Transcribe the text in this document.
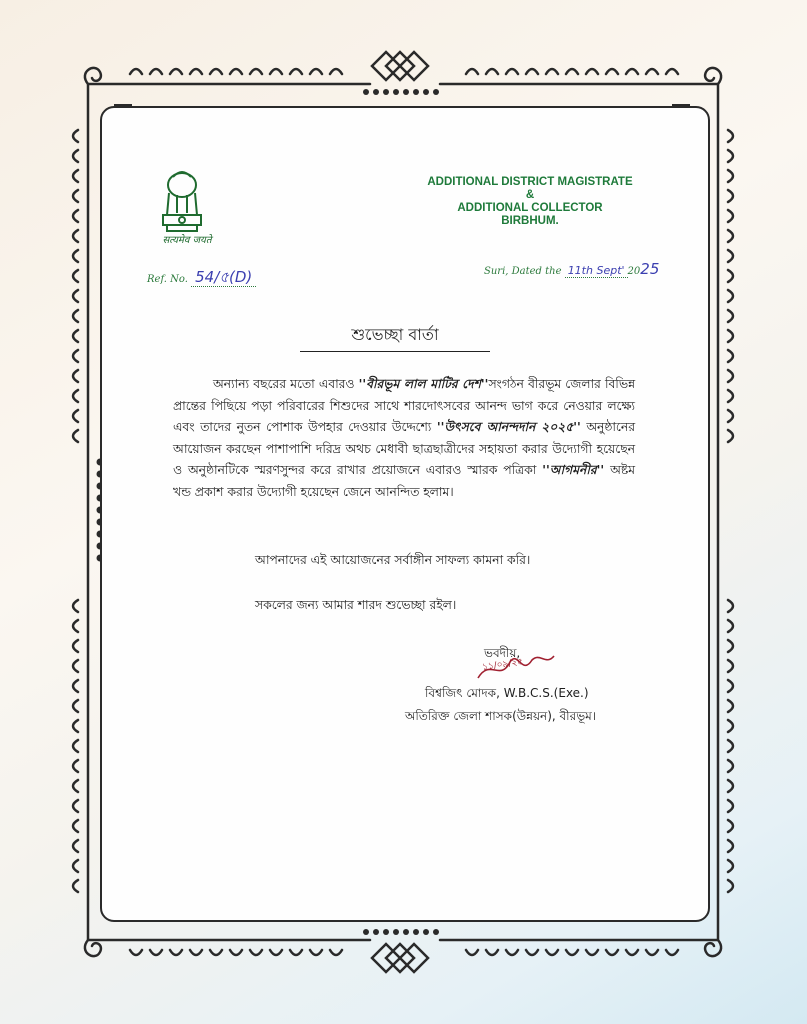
सत्यमेव जयते
ADDITIONAL DISTRICT MAGISTRATE
&
ADDITIONAL COLLECTOR
BIRBHUM.
Ref. No. 54/৫(D)	Suri, Dated the 11th Sept' 2025
শুভেচ্ছা বার্তা

অন্যান্য বছরের মতো এবারও ''বীরভূম লাল মাটির দেশ''সংগঠন বীরভূম জেলার বিভিন্ন প্রান্তের পিছিয়ে পড়া পরিবারের শিশুদের সাথে শারদোৎসবের আনন্দ ভাগ করে নেওয়ার লক্ষ্যে এবং তাদের নুতন পোশাক উপহার দেওয়ার উদ্দেশ্যে ''উৎসবে আনন্দদান ২০২৫'' অনুষ্ঠানের আয়োজন করছেন পাশাপাশি দরিদ্র অথচ মেধাবী ছাত্রছাত্রীদের সহায়তা করার উদ্যোগী হয়েছেন ও অনুষ্ঠানটিকে স্মরণসুন্দর করে রাখার প্রয়োজনে এবারও স্মারক পত্রিকা ''আগমনীর'' অষ্টম খন্ড প্রকাশ করার উদ্যোগী হয়েছেন জেনে আনন্দিত হলাম।

আপনাদের এই আয়োজনের সর্বাঙ্গীন সাফল্য কামনা করি।
সকলের জন্য আমার শারদ শুভেচ্ছা রইল।
ভবদীয়,
১১/০৯/২৫
বিশ্বজিৎ মোদক, W.B.C.S.(Exe.)
অতিরিক্ত জেলা শাসক(উন্নয়ন), বীরভূম।
